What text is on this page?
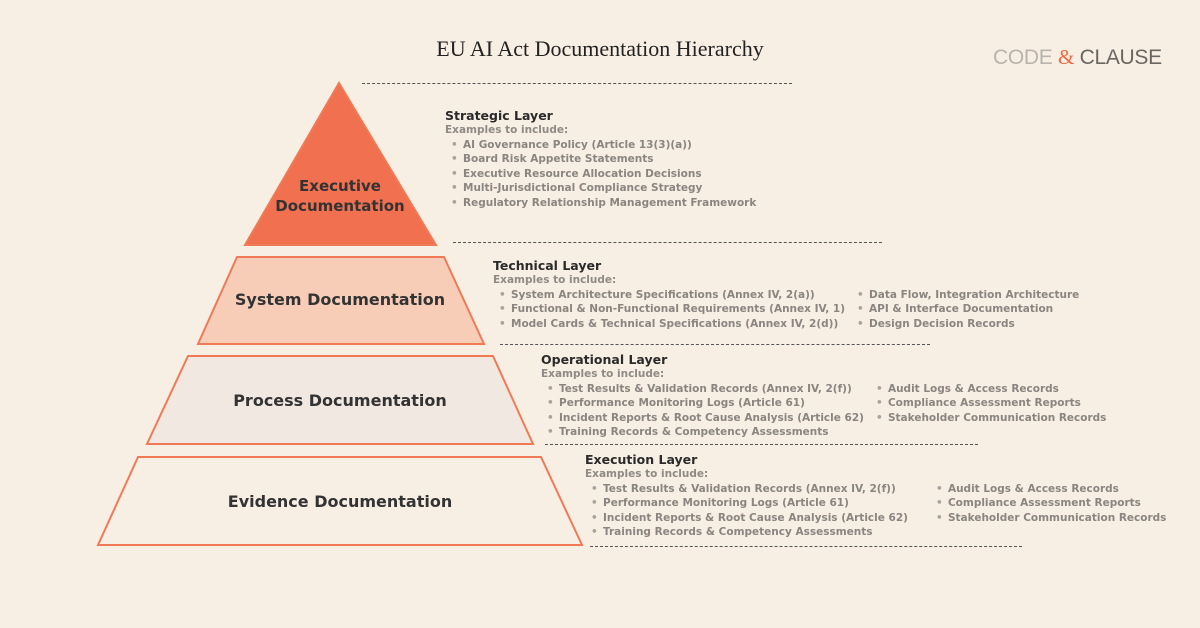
EU AI Act Documentation Hierarchy	CODE & CLAUSE
Executive
Documentation
System Documentation
Process Documentation
Evidence Documentation
Strategic Layer
Examples to include:
• AI Governance Policy (Article 13(3)(a))
• Board Risk Appetite Statements
• Executive Resource Allocation Decisions
• Multi-Jurisdictional Compliance Strategy
• Regulatory Relationship Management Framework
Technical Layer
Examples to include:
• System Architecture Specifications (Annex IV, 2(a))
• Functional & Non-Functional Requirements (Annex IV, 1)
• Model Cards & Technical Specifications (Annex IV, 2(d))
• Data Flow, Integration Architecture
• API & Interface Documentation
• Design Decision Records
Operational Layer
Examples to include:
• Test Results & Validation Records (Annex IV, 2(f))
• Performance Monitoring Logs (Article 61)
• Incident Reports & Root Cause Analysis (Article 62)
• Training Records & Competency Assessments
• Audit Logs & Access Records
• Compliance Assessment Reports
• Stakeholder Communication Records
Execution Layer
Examples to include:
• Test Results & Validation Records (Annex IV, 2(f))
• Performance Monitoring Logs (Article 61)
• Incident Reports & Root Cause Analysis (Article 62)
• Training Records & Competency Assessments
• Audit Logs & Access Records
• Compliance Assessment Reports
• Stakeholder Communication Records
